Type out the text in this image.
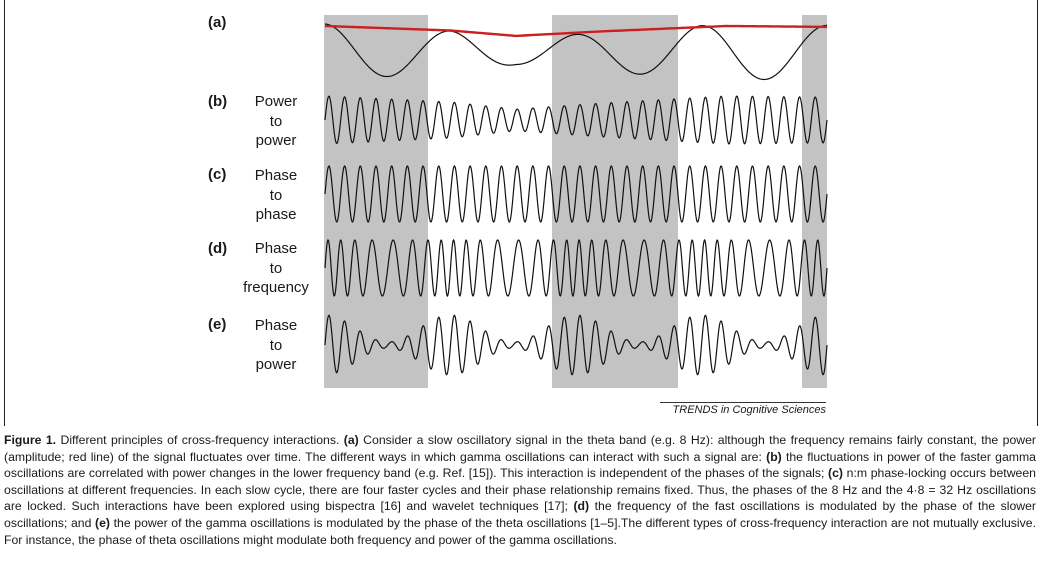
(a)
(b)	Power
to
power
(c)	Phase
to
phase
(d)	Phase
to
frequency
(e)	Phase
to
power
TRENDS in Cognitive Sciences
Figure 1. Different principles of cross-frequency interactions. (a) Consider a slow oscillatory signal in the theta band (e.g. 8 Hz): although the frequency remains fairly constant, the power (amplitude; red line) of the signal fluctuates over time. The different ways in which gamma oscillations can interact with such a signal are: (b) the fluctuations in power of the faster gamma oscillations are correlated with power changes in the lower frequency band (e.g. Ref. [15]). This interaction is independent of the phases of the signals; (c) n:m phase-locking occurs between oscillations at different frequencies. In each slow cycle, there are four faster cycles and their phase relationship remains fixed. Thus, the phases of the 8 Hz and the 4·8 = 32 Hz oscillations are locked. Such interactions have been explored using bispectra [16] and wavelet techniques [17]; (d) the frequency of the fast oscillations is modulated by the phase of the slower oscillations; and (e) the power of the gamma oscillations is modulated by the phase of the theta oscillations [1–5].The different types of cross-frequency interaction are not mutually exclusive. For instance, the phase of theta oscillations might modulate both frequency and power of the gamma oscillations.
